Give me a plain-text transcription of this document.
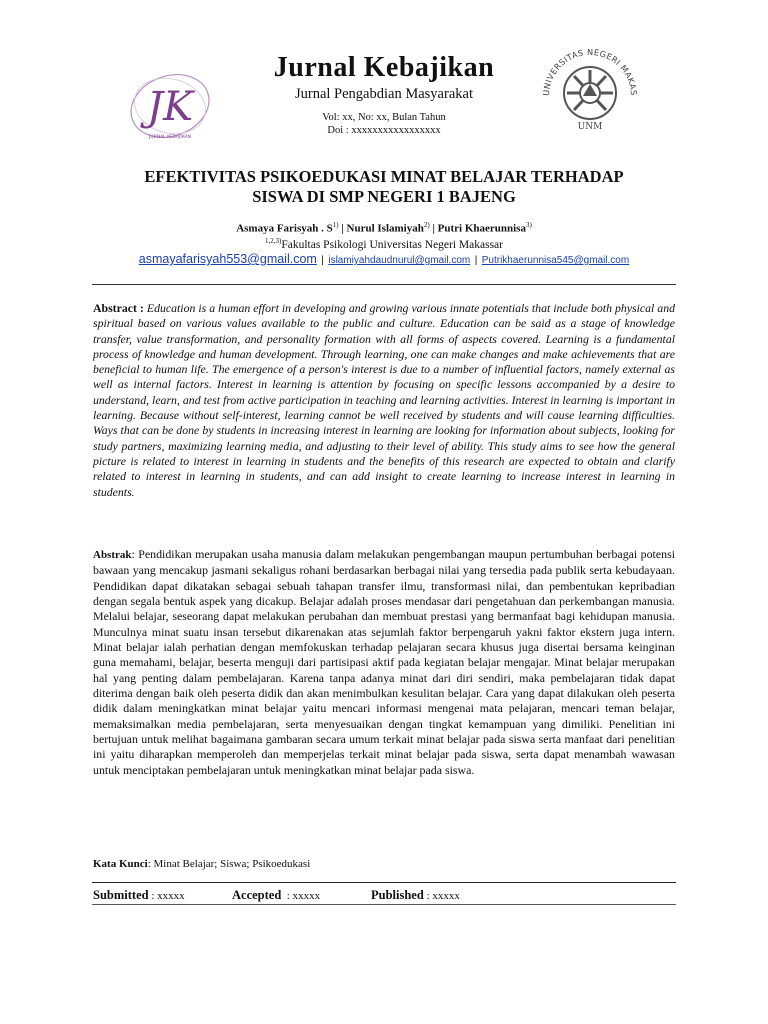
JK
JURNAL KEBAJIKAN
Jurnal Kebajikan
Jurnal Pengabdian Masyarakat
Vol: xx, No: xx, Bulan Tahun
Doi : xxxxxxxxxxxxxxxxx
UNIVERSITAS NEGERI MAKAS
UNM
EFEKTIVITAS PSIKOEDUKASI MINAT BELAJAR TERHADAP
SISWA DI SMP NEGERI 1 BAJENG
Asmaya Farisyah . $S^{1)}$ | Nurul Islamiyah$^{2)}$ | Putri Khaerunnisa$^{3)}$
$^{1,2,3)}$Fakultas Psikologi Universitas Negeri Makassar
asmayafarisyah553@gmail.com | islamiyahdaudnurul@gmail.com | Putrikhaerunnisa545@gmail.com
Abstract : Education is a human effort in developing and growing various innate potentials that include both physical and spiritual based on various values available to the public and culture. Education can be said as a stage of knowledge transfer, value transformation, and personality formation with all forms of aspects covered. Learning is a fundamental process of knowledge and human development. Through learning, one can make changes and make achievements that are beneficial to human life. The emergence of a person's interest is due to a number of influential factors, namely external as well as internal factors. Interest in learning is attention by focusing on specific lessons accompanied by a desire to understand, learn, and test from active participation in teaching and learning activities. Interest in learning is important in learning. Because without self-interest, learning cannot be well received by students and will cause learning difficulties. Ways that can be done by students in increasing interest in learning are looking for information about subjects, looking for study partners, maximizing learning media, and adjusting to their level of ability. This study aims to see how the general picture is related to interest in learning in students and the benefits of this research are expected to obtain and clarify related to interest in learning in students, and can add insight to create learning to increase interest in learning in students.
Abstrak: Pendidikan merupakan usaha manusia dalam melakukan pengembangan maupun pertumbuhan berbagai potensi bawaan yang mencakup jasmani sekaligus rohani berdasarkan berbagai nilai yang tersedia pada publik serta kebudayaan. Pendidikan dapat dikatakan sebagai sebuah tahapan transfer ilmu, transformasi nilai, dan pembentukan kepribadian dengan segala bentuk aspek yang dicakup. Belajar adalah proses mendasar dari pengetahuan dan perkembangan manusia. Melalui belajar, seseorang dapat melakukan perubahan dan membuat prestasi yang bermanfaat bagi kehidupan manusia. Munculnya minat suatu insan tersebut dikarenakan atas sejumlah faktor berpengaruh yakni faktor ekstern juga intern. Minat belajar ialah perhatian dengan memfokuskan terhadap pelajaran secara khusus juga disertai bersama keinginan guna memahami, belajar, beserta menguji dari partisipasi aktif pada kegiatan belajar mengajar. Minat belajar merupakan hal yang penting dalam pembelajaran. Karena tanpa adanya minat dari diri sendiri, maka pembelajaran tidak dapat diterima dengan baik oleh peserta didik dan akan menimbulkan kesulitan belajar. Cara yang dapat dilakukan oleh peserta didik dalam meningkatkan minat belajar yaitu mencari informasi mengenai mata pelajaran, mencari teman belajar, memaksimalkan media pembelajaran, serta menyesuaikan dengan tingkat kemampuan yang dimiliki. Penelitian ini bertujuan untuk melihat bagaimana gambaran secara umum terkait minat belajar pada siswa serta manfaat dari penelitian ini yaitu diharapkan memperoleh dan memperjelas terkait minat belajar pada siswa, serta dapat menambah wawasan untuk menciptakan pembelajaran untuk meningkatkan minat belajar pada siswa.
Kata Kunci: Minat Belajar; Siswa; Psikoedukasi
Submitted : xxxxx	Accepted  : xxxxx	Published : xxxxx
